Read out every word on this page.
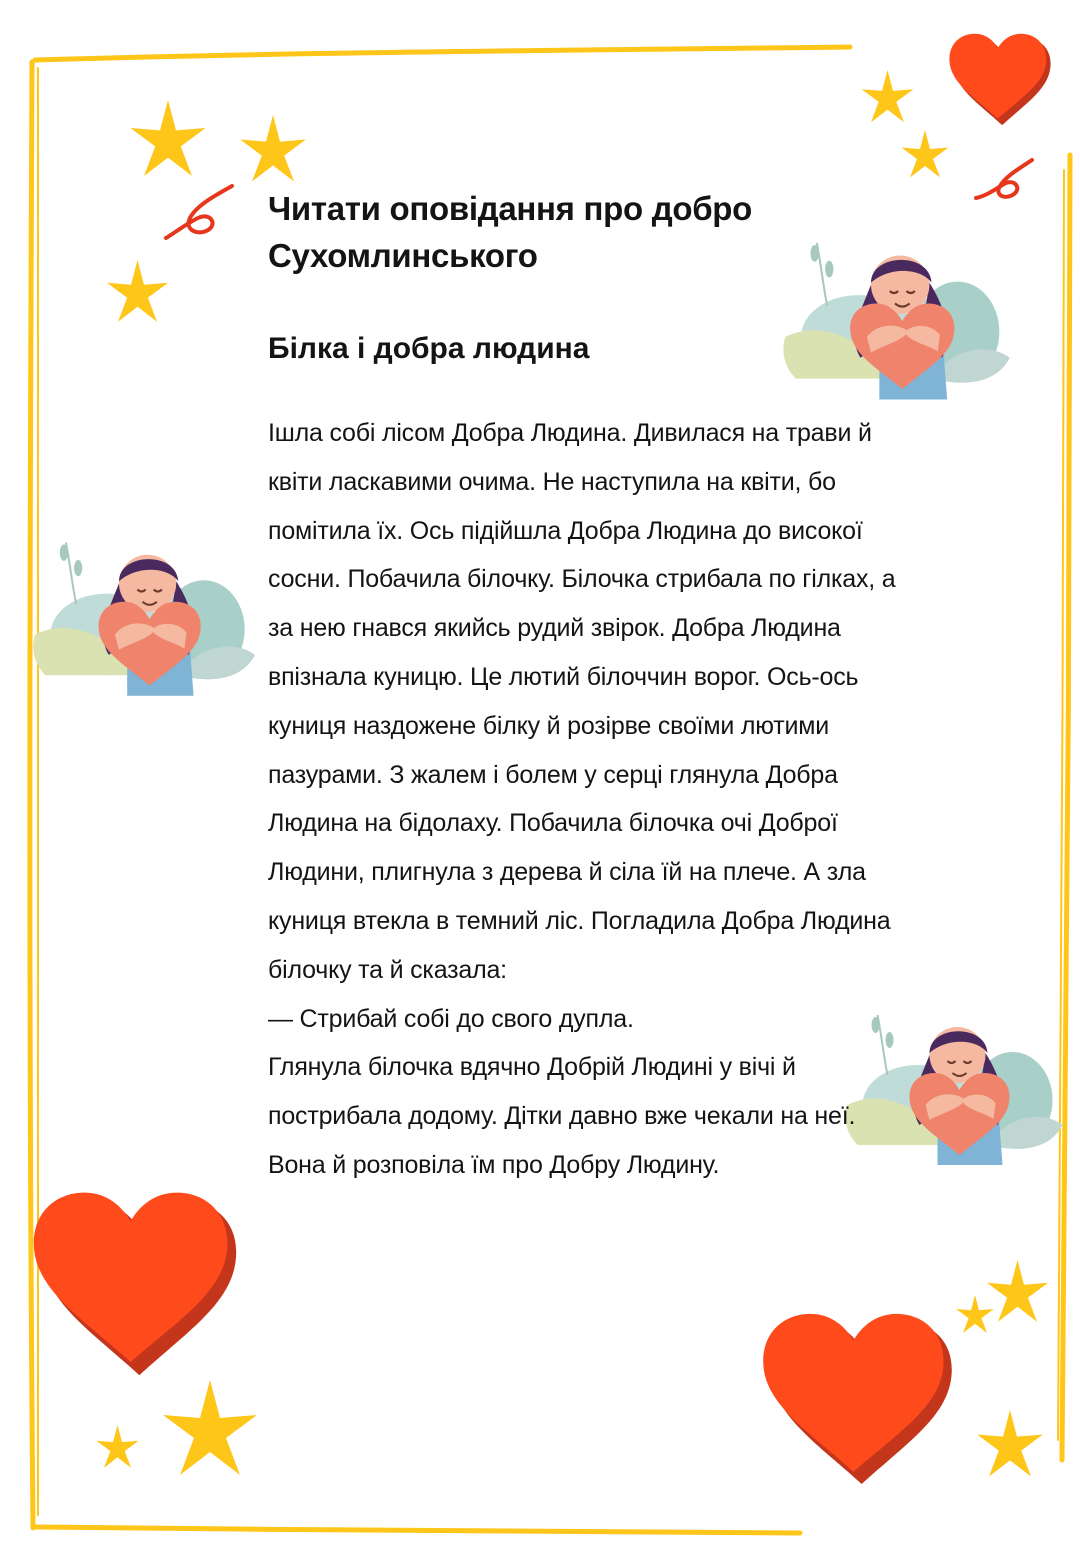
Читати оповідання про добро Сухомлинського
Білка і добра людина

Ішла собі лісом Добра Людина. Дивилася на трави й квіти ласкавими очима. Не наступила на квіти, бо помітила їх. Ось підійшла Добра Людина до високої сосни. Побачила білочку. Білочка стрибала по гілках, а за нею гнався якийсь рудий звірок. Добра Людина впізнала куницю. Це лютий білоччин ворог. Ось-ось куниця наздожене білку й розірве своїми лютими пазурами. З жалем і болем у серці глянула Добра Людина на бідолаху. Побачила білочка очі Доброї Людини, плигнула з дерева й сіла їй на плече. А зла куниця втекла в темний ліс. Погладила Добра Людина білочку та й сказала:

— Стрибай собі до свого дупла.

Глянула білочка вдячно Добрій Людині у вічі й пострибала додому. Дітки давно вже чекали на неї.

Вона й розповіла їм про Добру Людину.
